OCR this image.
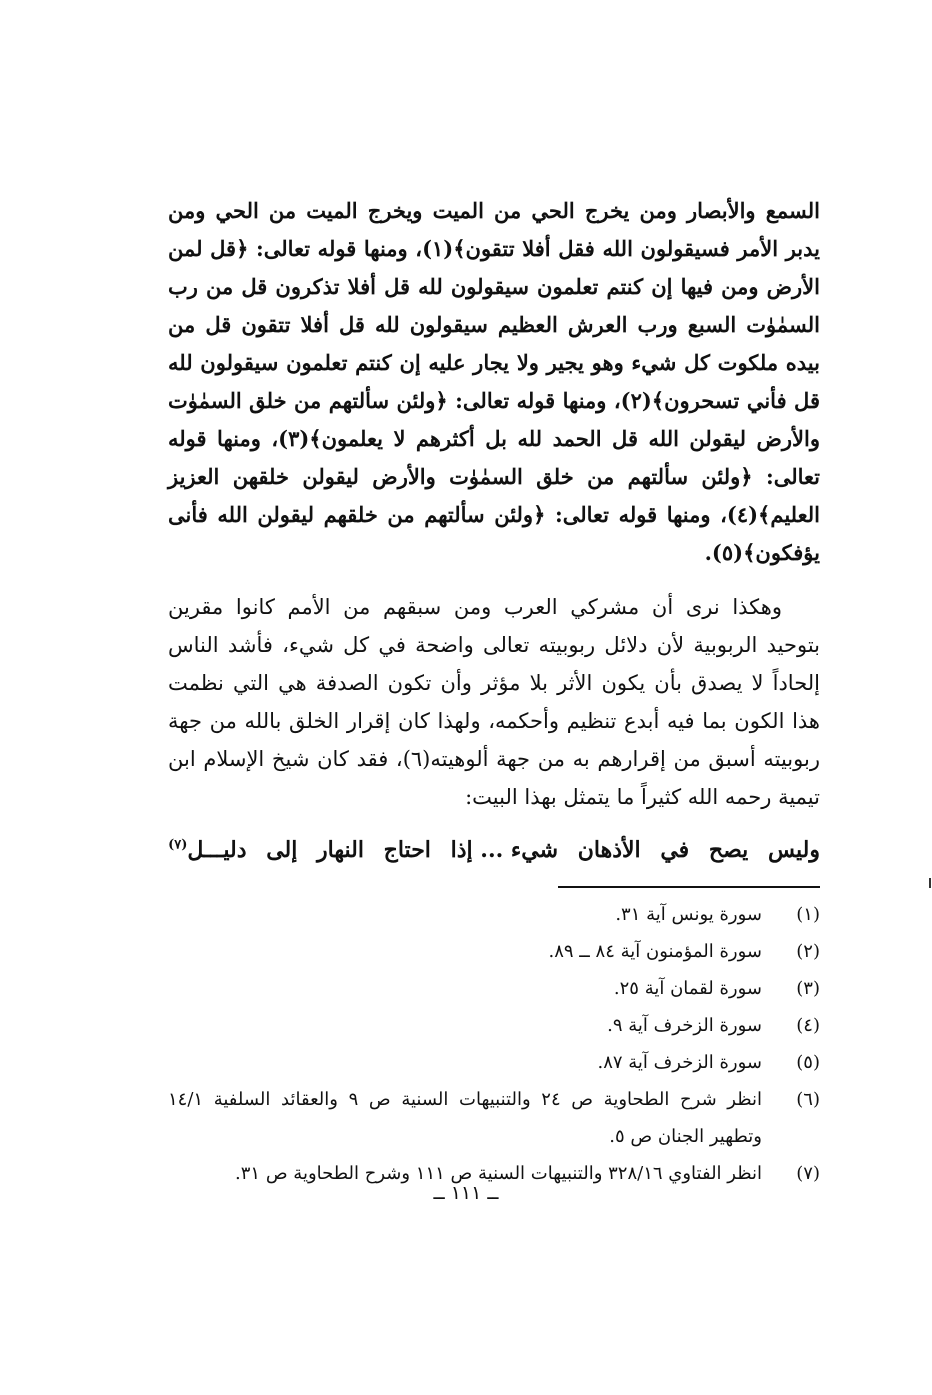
السمع والأبصار ومن يخرج الحي من الميت ويخرج الميت من الحي ومن يدبر الأمر فسيقولون الله فقل أفلا تتقون﴾(١)، ومنها قوله تعالى: ﴿قل لمن الأرض ومن فيها إن كنتم تعلمون سيقولون لله قل أفلا تذكرون قل من رب السمٰوٰت السبع ورب العرش العظيم سيقولون لله قل أفلا تتقون قل من بيده ملكوت كل شيء وهو يجير ولا يجار عليه إن كنتم تعلمون سيقولون لله قل فأني تسحرون﴾(٢)، ومنها قوله تعالى: ﴿ولئن سألتهم من خلق السمٰوٰت والأرض ليقولن الله قل الحمد لله بل أكثرهم لا يعلمون﴾(٣)، ومنها قوله تعالى: ﴿ولئن سألتهم من خلق السمٰوٰت والأرض ليقولن خلقهن العزيز العليم﴾(٤)، ومنها قوله تعالى: ﴿ولئن سألتهم من خلقهم ليقولن الله فأنى يؤفكون﴾(٥).

وهكذا نرى أن مشركي العرب ومن سبقهم من الأمم كانوا مقرين بتوحيد الربوبية لأن دلائل ربوبيته تعالى واضحة في كل شيء، فأشد الناس إلحاداً لا يصدق بأن يكون الأثر بلا مؤثر وأن تكون الصدفة هي التي نظمت هذا الكون بما فيه أبدع تنظيم وأحكمه، ولهذا كان إقرار الخلق بالله من جهة ربوبيته أسبق من إقرارهم به من جهة ألوهيته(٦)، فقد كان شيخ الإسلام ابن تيمية رحمه الله كثيراً ما يتمثل بهذا البيت:

وليس
يصح
في
الأذهان
شيء ... إذا
احتاج
النهار
إلى
دليـــل$^{(٧)}$
(١)
سورة يونس آية ٣١.
(٢)
سورة المؤمنون آية ٨٤ ــ ٨٩.
(٣)
سورة لقمان آية ٢٥.
(٤)
سورة الزخرف آية ٩.
(٥)
سورة الزخرف آية ٨٧.
(٦)
انظر شرح الطحاوية ص ٢٤ والتنبيهات السنية ص ٩ والعقائد السلفية ١٤/١ وتطهير الجنان ص ٥.
(٧)
انظر الفتاوي ٣٢٨/١٦ والتنبيهات السنية ص ١١١ وشرح الطحاوية ص ٣١.
ــ ١١١ ــ
